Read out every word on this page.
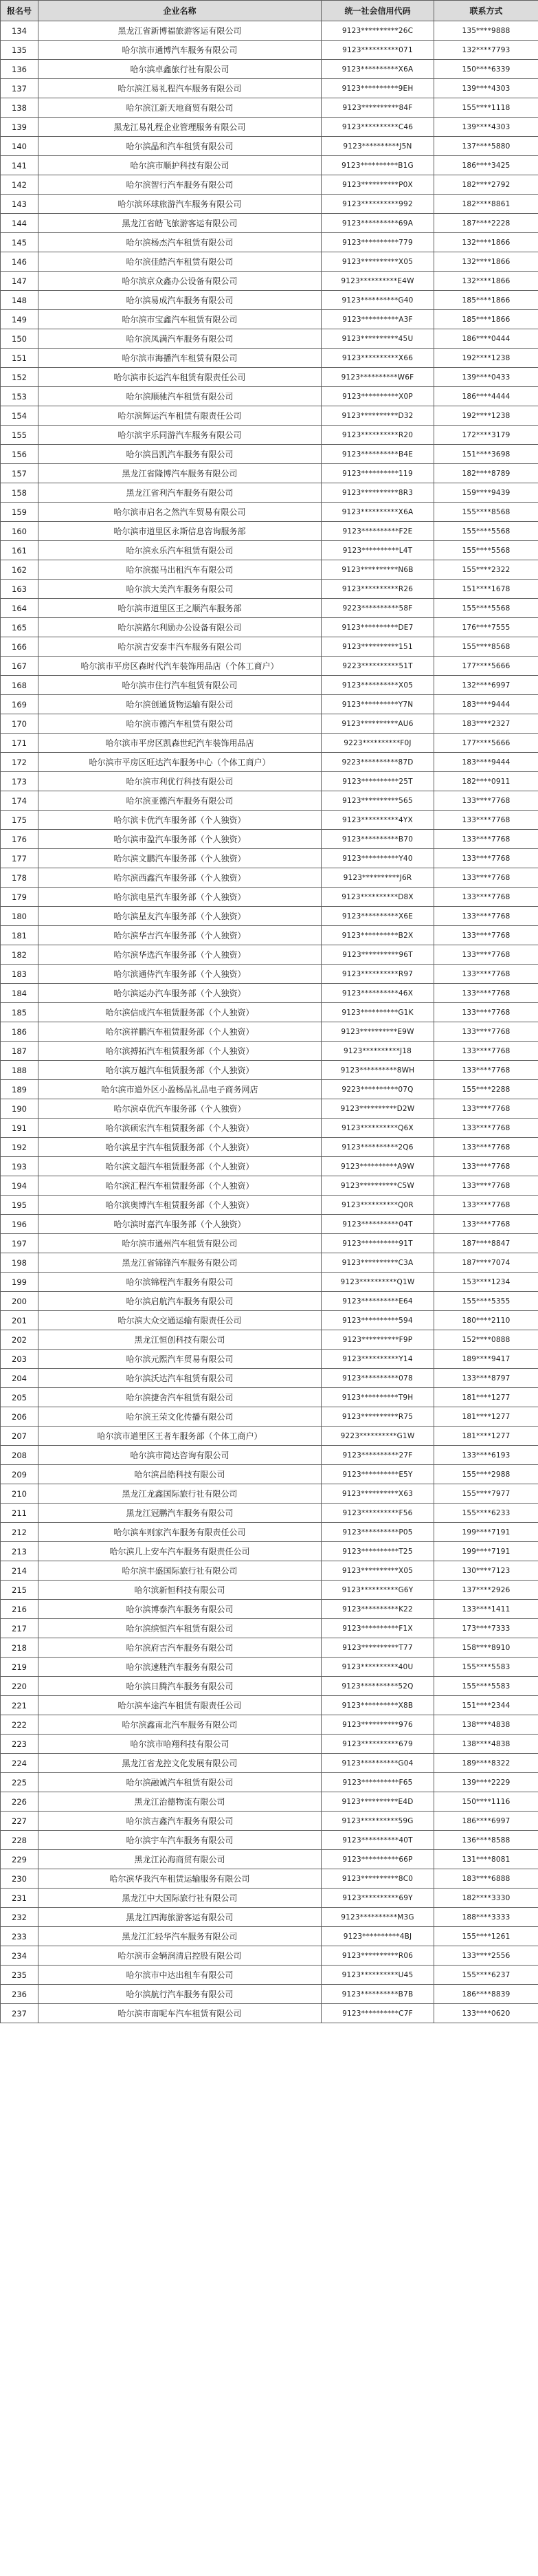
报名号	企业名称	统一社会信用代码	联系方式
134	黑龙江省新博福旅游客运有限公司	9123**********26C	135****9888
135	哈尔滨市通博汽车服务有限公司	9123**********071	132****7793
136	哈尔滨卓鑫旅行社有限公司	9123**********X6A	150****6339
137	哈尔滨江易礼程汽车服务有限公司	9123**********9EH	139****4303
138	哈尔滨江新天地商贸有限公司	9123**********84F	155****1118
139	黑龙江易礼程企业管理服务有限公司	9123**********C46	139****4303
140	哈尔滨晶和汽车租赁有限公司	9123**********J5N	137****5880
141	哈尔滨市顺护科技有限公司	9123**********B1G	186****3425
142	哈尔滨智行汽车服务有限公司	9123**********P0X	182****2792
143	哈尔滨环球旅游汽车服务有限公司	9123**********992	182****8861
144	黑龙江省皓飞旅游客运有限公司	9123**********69A	187****2228
145	哈尔滨杨杰汽车租赁有限公司	9123**********779	132****1866
146	哈尔滨佳皓汽车租赁有限公司	9123**********X05	132****1866
147	哈尔滨京众鑫办公设备有限公司	9123**********E4W	132****1866
148	哈尔滨易成汽车服务有限公司	9123**********G40	185****1866
149	哈尔滨市宝鑫汽车租赁有限公司	9123**********A3F	185****1866
150	哈尔滨凤满汽车服务有限公司	9123**********45U	186****0444
151	哈尔滨市海播汽车租赁有限公司	9123**********X66	192****1238
152	哈尔滨市长运汽车租赁有限责任公司	9123**********W6F	139****0433
153	哈尔滨顺驰汽车租赁有限公司	9123**********X0P	186****4444
154	哈尔滨辉运汽车租赁有限责任公司	9123**********D32	192****1238
155	哈尔滨宇乐同游汽车服务有限公司	9123**********R20	172****3179
156	哈尔滨昌凯汽车服务有限公司	9123**********B4E	151****3698
157	黑龙江省隆博汽车服务有限公司	9123**********119	182****8789
158	黑龙江省利汽车服务有限公司	9123**********8R3	159****9439
159	哈尔滨市启名之然汽车贸易有限公司	9123**********X6A	155****8568
160	哈尔滨市道里区永斯信息咨询服务部	9123**********F2E	155****5568
161	哈尔滨永乐汽车租赁有限公司	9123**********L4T	155****5568
162	哈尔滨振马出租汽车有限公司	9123**********N6B	155****2322
163	哈尔滨大美汽车服务有限公司	9123**********R26	151****1678
164	哈尔滨市道里区王之顺汽车服务部	9223**********58F	155****5568
165	哈尔滨路尔利励办公设备有限公司	9123**********DE7	176****7555
166	哈尔滨吉安泰丰汽车服务有限公司	9123**********151	155****8568
167	哈尔滨市平房区森时代汽车装饰用品店（个体工商户）	9223**********51T	177****5666
168	哈尔滨市住行汽车租赁有限公司	9123**********X05	132****6997
169	哈尔滨创通货物运输有限公司	9123**********Y7N	183****9444
170	哈尔滨市德汽车租赁有限公司	9123**********AU6	183****2327
171	哈尔滨市平房区凯森世纪汽车装饰用品店	9223**********F0J	177****5666
172	哈尔滨市平房区旺达汽车服务中心（个体工商户）	9223**********87D	183****9444
173	哈尔滨市利优行科技有限公司	9123**********25T	182****0911
174	哈尔滨亚德汽车服务有限公司	9123**********565	133****7768
175	哈尔滨卡优汽车服务部（个人独资）	9123**********4YX	133****7768
176	哈尔滨市盈汽车服务部（个人独资）	9123**********B70	133****7768
177	哈尔滨文鹏汽车服务部（个人独资）	9123**********Y40	133****7768
178	哈尔滨西鑫汽车服务部（个人独资）	9123**********J6R	133****7768
179	哈尔滨电星汽车服务部（个人独资）	9123**********D8X	133****7768
180	哈尔滨星友汽车服务部（个人独资）	9123**********X6E	133****7768
181	哈尔滨华吉汽车服务部（个人独资）	9123**********B2X	133****7768
182	哈尔滨华选汽车服务部（个人独资）	9123**********96T	133****7768
183	哈尔滨通侍汽车服务部（个人独资）	9123**********R97	133****7768
184	哈尔滨运办汽车服务部（个人独资）	9123**********46X	133****7768
185	哈尔滨信成汽车租赁服务部（个人独资）	9123**********G1K	133****7768
186	哈尔滨祥鹏汽车租赁服务部（个人独资）	9123**********E9W	133****7768
187	哈尔滨搏拓汽车租赁服务部（个人独资）	9123**********J18	133****7768
188	哈尔滨万越汽车租赁服务部（个人独资）	9123**********8WH	133****7768
189	哈尔滨市道外区小盈杨品礼品电子商务网店	9223**********07Q	155****2288
190	哈尔滨卓优汽车服务部（个人独资）	9123**********D2W	133****7768
191	哈尔滨硕宏汽车租赁服务部（个人独资）	9123**********Q6X	133****7768
192	哈尔滨星宇汽车租赁服务部（个人独资）	9123**********2Q6	133****7768
193	哈尔滨文超汽车租赁服务部（个人独资）	9123**********A9W	133****7768
194	哈尔滨汇程汽车租赁服务部（个人独资）	9123**********C5W	133****7768
195	哈尔滨奥博汽车租赁服务部（个人独资）	9123**********Q0R	133****7768
196	哈尔滨时嘉汽车服务部（个人独资）	9123**********04T	133****7768
197	哈尔滨市通州汽车租赁有限公司	9123**********91T	187****8847
198	黑龙江省锦锋汽车服务有限公司	9123**********C3A	187****7074
199	哈尔滨锦程汽车服务有限公司	9123**********Q1W	153****1234
200	哈尔滨启航汽车服务有限公司	9123**********E64	155****5355
201	哈尔滨大众交通运输有限责任公司	9123**********594	180****2110
202	黑龙江恒创科技有限公司	9123**********F9P	152****0888
203	哈尔滨元熙汽车贸易有限公司	9123**********Y14	189****9417
204	哈尔滨沃达汽车租赁有限公司	9123**********078	133****8797
205	哈尔滨捷舍汽车租赁有限公司	9123**********T9H	181****1277
206	哈尔滨王荣文化传播有限公司	9123**********R75	181****1277
207	哈尔滨市道里区王者车服务部（个体工商户）	9223**********G1W	181****1277
208	哈尔滨市简达咨询有限公司	9123**********27F	133****6193
209	哈尔滨昌皓科技有限公司	9123**********E5Y	155****2988
210	黑龙江龙鑫国际旅行社有限公司	9123**********X63	155****7977
211	黑龙江冠鹏汽车服务有限公司	9123**********F56	155****6233
212	哈尔滨车则家汽车服务有限责任公司	9123**********P05	199****7191
213	哈尔滨几上安车汽车服务有限责任公司	9123**********T25	199****7191
214	哈尔滨丰盛国际旅行社有限公司	9123**********X05	130****7123
215	哈尔滨新恒科技有限公司	9123**********G6Y	137****2926
216	哈尔滨博泰汽车服务有限公司	9123**********K22	133****1411
217	哈尔滨缤恒汽车租赁有限公司	9123**********F1X	173****7333
218	哈尔滨府吉汽车服务有限公司	9123**********T77	158****8910
219	哈尔滨速胜汽车服务有限公司	9123**********40U	155****5583
220	哈尔滨日腾汽车服务有限公司	9123**********52Q	155****5583
221	哈尔滨车途汽车租赁有限责任公司	9123**********X8B	151****2344
222	哈尔滨鑫南北汽车服务有限公司	9123**********976	138****4838
223	哈尔滨市哈翔科技有限公司	9123**********679	138****4838
224	黑龙江省龙控文化发展有限公司	9123**********G04	189****8322
225	哈尔滨融诚汽车租赁有限公司	9123**********F65	139****2229
226	黑龙江治德物流有限公司	9123**********E4D	150****1116
227	哈尔滨吉鑫汽车服务有限公司	9123**********59G	186****6997
228	哈尔滨宇车汽车服务有限公司	9123**********40T	136****8588
229	黑龙江沁海商贸有限公司	9123**********66P	131****8081
230	哈尔滨华我汽车租赁运输服务有限公司	9123**********8C0	183****6888
231	黑龙江中大国际旅行社有限公司	9123**********69Y	182****3330
232	黑龙江四海旅游客运有限公司	9123**********M3G	188****3333
233	黑龙江汇轻华汽车服务有限公司	9123**********4BJ	155****1261
234	哈尔滨市金辆润清启控股有限公司	9123**********R06	133****2556
235	哈尔滨市中达出租车有限公司	9123**********U45	155****6237
236	哈尔滨航行汽车服务有限公司	9123**********B7B	186****8839
237	哈尔滨市南呢车汽车租赁有限公司	9123**********C7F	133****0620
